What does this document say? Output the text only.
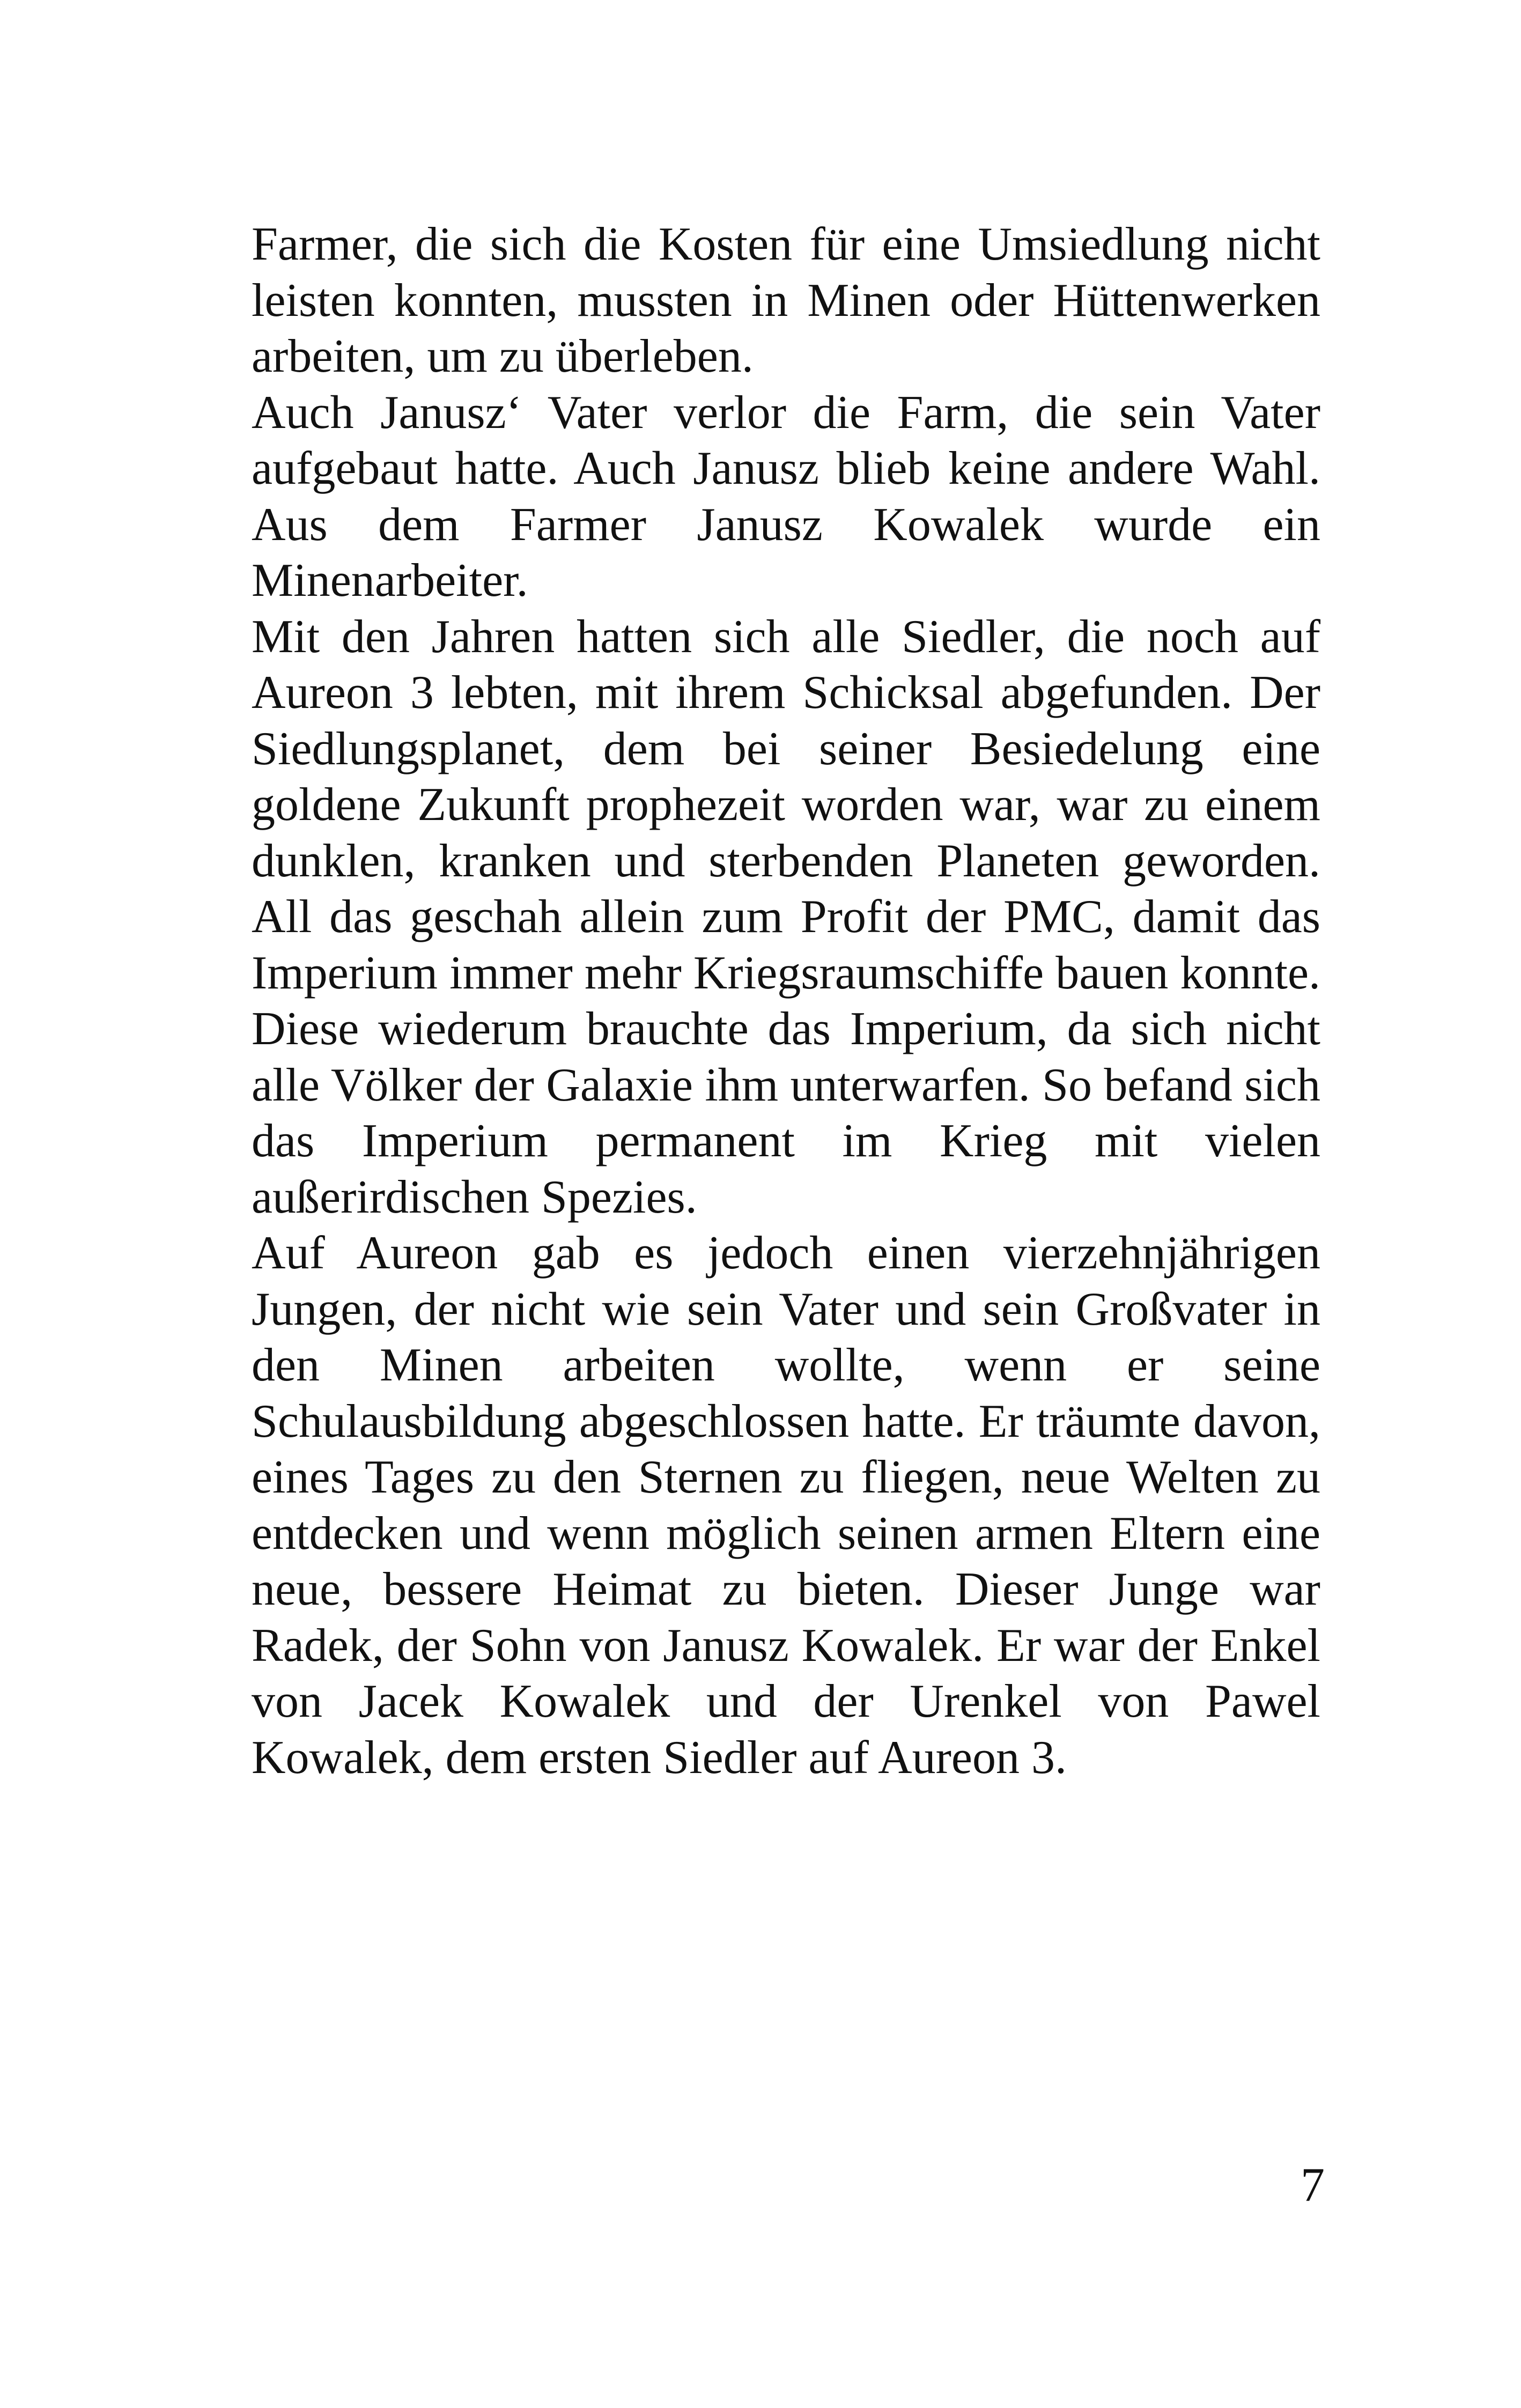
Farmer, die sich die Kosten für eine Umsiedlung nicht leisten konnten, mussten in Minen oder Hüttenwerken arbeiten, um zu überleben.

Auch Janusz‘ Vater verlor die Farm, die sein Vater aufgebaut hatte. Auch Janusz blieb keine andere Wahl. Aus dem Farmer Janusz Kowalek wurde ein Minenarbeiter.

Mit den Jahren hatten sich alle Siedler, die noch auf Aureon 3 lebten, mit ihrem Schicksal abgefunden. Der Siedlungsplanet, dem bei seiner Besiedelung eine goldene Zukunft prophezeit worden war, war zu einem dunklen, kranken und sterbenden Planeten geworden. All das geschah allein zum Profit der PMC, damit das Imperium immer mehr Kriegsraumschiffe bauen konnte. Diese wiederum brauchte das Imperium, da sich nicht alle Völker der Galaxie ihm unterwarfen. So befand sich das Imperium permanent im Krieg mit vielen außerirdischen Spezies.

Auf Aureon gab es jedoch einen vierzehnjährigen Jungen, der nicht wie sein Vater und sein Großvater in den Minen arbeiten wollte, wenn er seine Schulausbildung abgeschlossen hatte. Er träumte davon, eines Tages zu den Sternen zu fliegen, neue Welten zu entdecken und wenn möglich seinen armen Eltern eine neue, bessere Heimat zu bieten. Dieser Junge war Radek, der Sohn von Janusz Kowalek. Er war der Enkel von Jacek Kowalek und der Urenkel von Pawel Kowalek, dem ersten Siedler auf Aureon 3.

7
